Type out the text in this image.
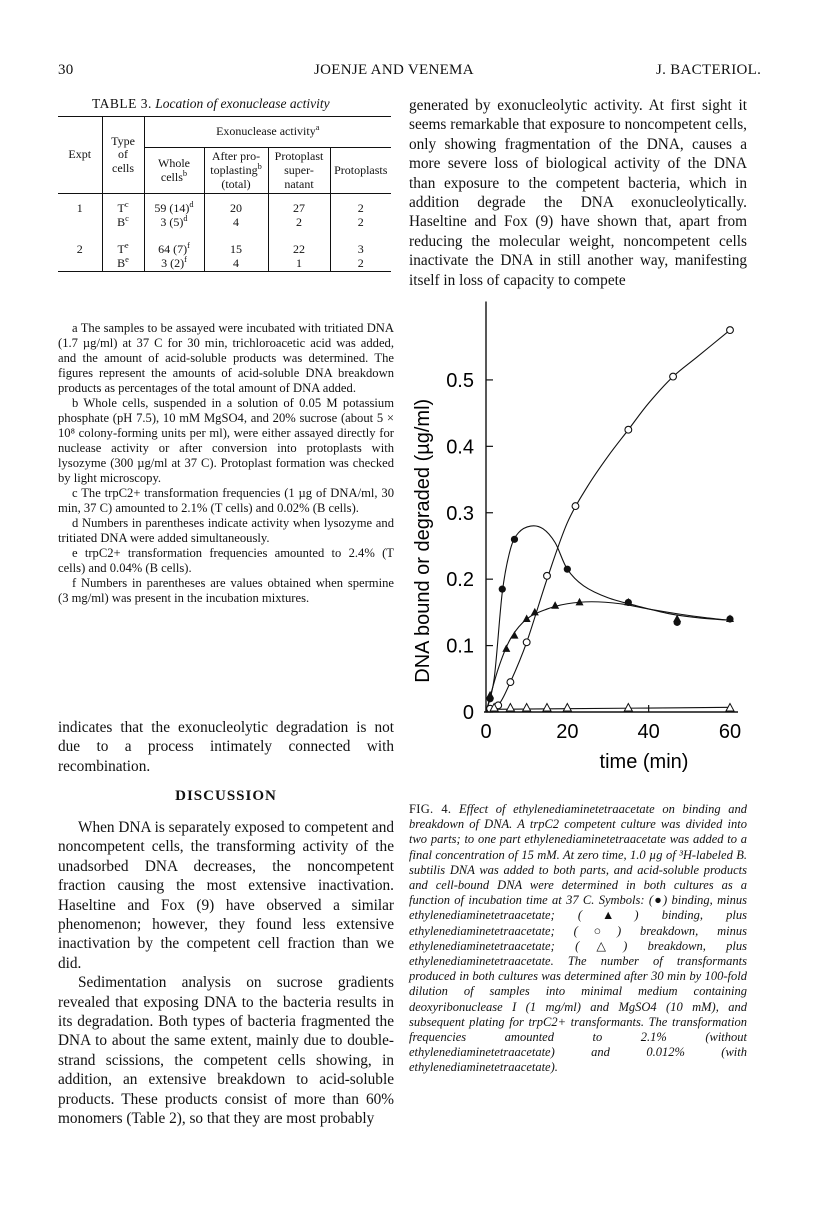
30	JOENJE AND VENEMA	J. BACTERIOL.
TABLE 3. Location of exonuclease activity
Expt	Type
of
cells	Exonuclease activity$^a$
		Whole
cells$^b$	After pro-
toplasting$^b$
(total)	Protoplast
super-
natant	Protoplasts

1	$T^c$	59 $(14)^d$	20	27	2
	$B^c$	3 $(5)^d$	4	2	2

2	$T^e$	64 $(7)^f$	15	22	3
	$B^e$	3 $(2)^f$	4	1	2

a The samples to be assayed were incubated with tritiated DNA (1.7 µg/ml) at 37 C for 30 min, trichloroacetic acid was added, and the amount of acid-soluble products was determined. The figures represent the amounts of acid-soluble DNA breakdown products as percentages of the total amount of DNA added.

b Whole cells, suspended in a solution of 0.05 M potassium phosphate (pH 7.5), 10 mM MgSO4, and 20% sucrose (about 5 × 10⁸ colony-forming units per ml), were either assayed directly for nuclease activity or after conversion into protoplasts with lysozyme (300 µg/ml at 37 C). Protoplast formation was checked by light microscopy.

c The trpC2+ transformation frequencies (1 µg of DNA/ml, 30 min, 37 C) amounted to 2.1% (T cells) and 0.02% (B cells).

d Numbers in parentheses indicate activity when lysozyme and tritiated DNA were added simultaneously.

e trpC2+ transformation frequencies amounted to 2.4% (T cells) and 0.04% (B cells).

f Numbers in parentheses are values obtained when spermine (3 mg/ml) was present in the incubation mixtures.

indicates that the exonucleolytic degradation is not due to a process intimately connected with recombination.
DISCUSSION

When DNA is separately exposed to competent and noncompetent cells, the transforming activity of the unadsorbed DNA decreases, the noncompetent fraction causing the most extensive inactivation. Haseltine and Fox (9) have observed a similar phenomenon; however, they found less extensive inactivation by the competent cell fraction than we did.

Sedimentation analysis on sucrose gradients revealed that exposing DNA to the bacteria results in its degradation. Both types of bacteria fragmented the DNA to about the same extent, mainly due to double-strand scissions, the competent cells showing, in addition, an extensive breakdown to acid-soluble products. These products consist of more than 60% monomers (Table 2), so that they are most probably

generated by exonucleolytic activity. At first sight it seems remarkable that exposure to noncompetent cells, only showing fragmentation of the DNA, causes a more severe loss of biological activity of the DNA than exposure to the competent bacteria, which in addition degrade the DNA exonucleolytically. Haseltine and Fox (9) have shown that, apart from reducing the molecular weight, noncompetent cells inactivate the DNA in still another way, manifesting itself in loss of capacity to compete
0
0.1
0.2
0.3
0.4
0.5
0	20	40	60
time (min)
DNA bound or degraded (µg/ml)
FIG. 4. Effect of ethylenediaminetetraacetate on binding and breakdown of DNA. A trpC2 competent culture was divided into two parts; to one part ethylenediaminetetraacetate was added to a final concentration of 15 mM. At zero time, 1.0 µg of ³H-labeled B. subtilis DNA was added to both parts, and acid-soluble products and cell-bound DNA were determined in both cultures as a function of incubation time at 37 C. Symbols: (●) binding, minus ethylenediaminetetraacetate; (▲) binding, plus ethylenediaminetetraacetate; (○) breakdown, minus ethylenediaminetetraacetate; (△) breakdown, plus ethylenediaminetetraacetate. The number of transformants produced in both cultures was determined after 30 min by 100-fold dilution of samples into minimal medium containing deoxyribonuclease I (1 mg/ml) and MgSO4 (10 mM), and subsequent plating for trpC2+ transformants. The transformation frequencies amounted to 2.1% (without ethylenediaminetetraacetate) and 0.012% (with ethylenediaminetetraacetate).
